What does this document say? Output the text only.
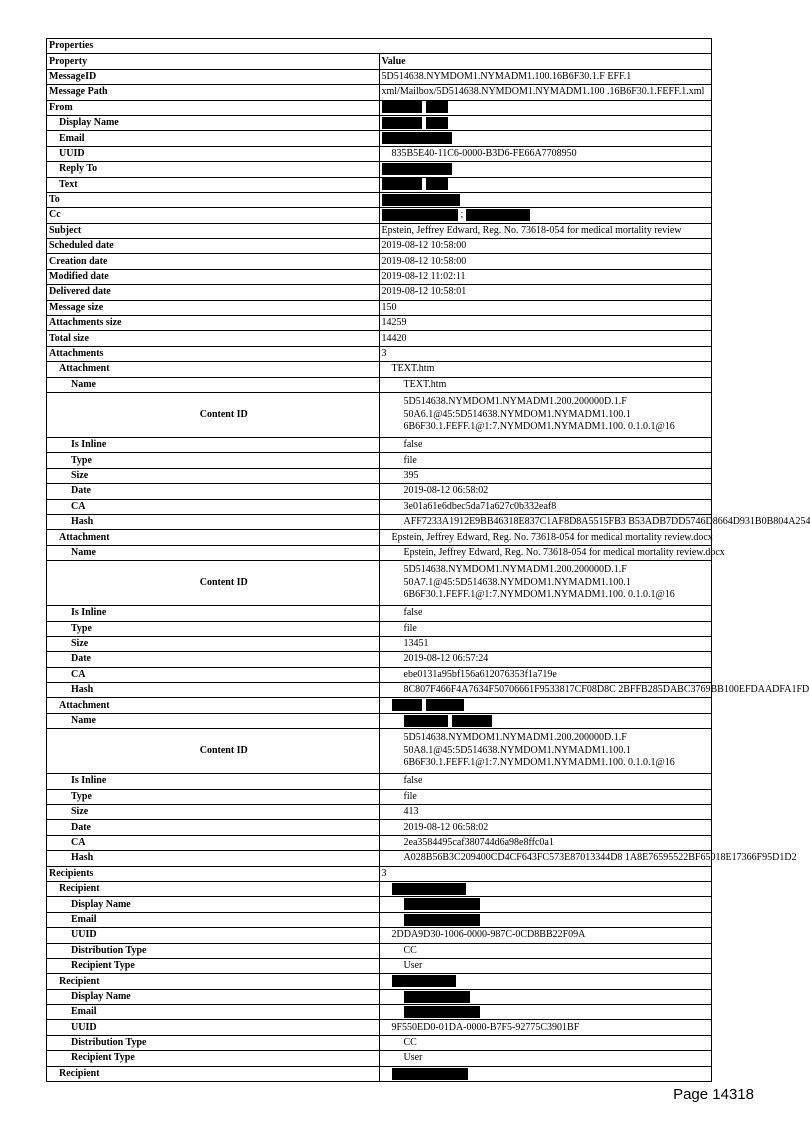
Properties	
Property	Value
MessageID	5D514638.NYMDOM1.NYMADM1.100.16B6F30.1.F EFF.1
Message Path	xml/Mailbox/5D514638.NYMDOM1.NYMADM1.100 .16B6F30.1.FEFF.1.xml
From	
Display Name	
Email	
UUID	835B5E40-11C6-0000-B3D6-FE66A7708950
Reply To	
Text	
To	
Cc	;
Subject	Epstein, Jeffrey Edward, Reg. No. 73618-054 for medical mortality review
Scheduled date	2019-08-12 10:58:00
Creation date	2019-08-12 10:58:00
Modified date	2019-08-12 11:02:11
Delivered date	2019-08-12 10:58:01
Message size	150
Attachments size	14259
Total size	14420
Attachments	3
Attachment	TEXT.htm
Name	TEXT.htm
Content ID	5D514638.NYMDOM1.NYMADM1.200.200000D.1.F
50A6.1@45:5D514638.NYMDOM1.NYMADM1.100.1
6B6F30.1.FEFF.1@1:7.NYMDOM1.NYMADM1.100. 0.1.0.1@16

Is Inline	false
Type	file
Size	395
Date	2019-08-12 06:58:02
CA	3e01a61e6dbec5da71a627c0b332eaf8
Hash	AFF7233A1912E9BB46318E837C1AF8D8A5515FB3 B53ADB7DD5746D8664D931B0B804A254
Attachment	Epstein, Jeffrey Edward, Reg. No. 73618-054 for medical mortality review.docx
Name	Epstein, Jeffrey Edward, Reg. No. 73618-054 for medical mortality review.docx
Content ID	5D514638.NYMDOM1.NYMADM1.200.200000D.1.F
50A7.1@45:5D514638.NYMDOM1.NYMADM1.100.1
6B6F30.1.FEFF.1@1:7.NYMDOM1.NYMADM1.100. 0.1.0.1@16

Is Inline	false
Type	file
Size	13451
Date	2019-08-12 06:57:24
CA	ebe0131a95bf156a612076353f1a719e
Hash	8C807F466F4A7634F50706661F9533817CF08D8C 2BFFB285DABC3769BB100EFDAADFA1FD
Attachment	
Name	
Content ID	5D514638.NYMDOM1.NYMADM1.200.200000D.1.F
50A8.1@45:5D514638.NYMDOM1.NYMADM1.100.1
6B6F30.1.FEFF.1@1:7.NYMDOM1.NYMADM1.100. 0.1.0.1@16

Is Inline	false
Type	file
Size	413
Date	2019-08-12 06:58:02
CA	2ea3584495caf380744d6a98e8ffc0a1
Hash	A028B56B3C209400CD4CF643FC573E87013344D8 1A8E76595522BF65018E17366F95D1D2
Recipients	3
Recipient	
Display Name	
Email	
UUID	2DDA9D30-1006-0000-987C-0CD8BB22F09A
Distribution Type	CC
Recipient Type	User
Recipient	
Display Name	
Email	
UUID	9F550ED0-01DA-0000-B7F5-92775C3901BF
Distribution Type	CC
Recipient Type	User
Recipient	
Page 14318
